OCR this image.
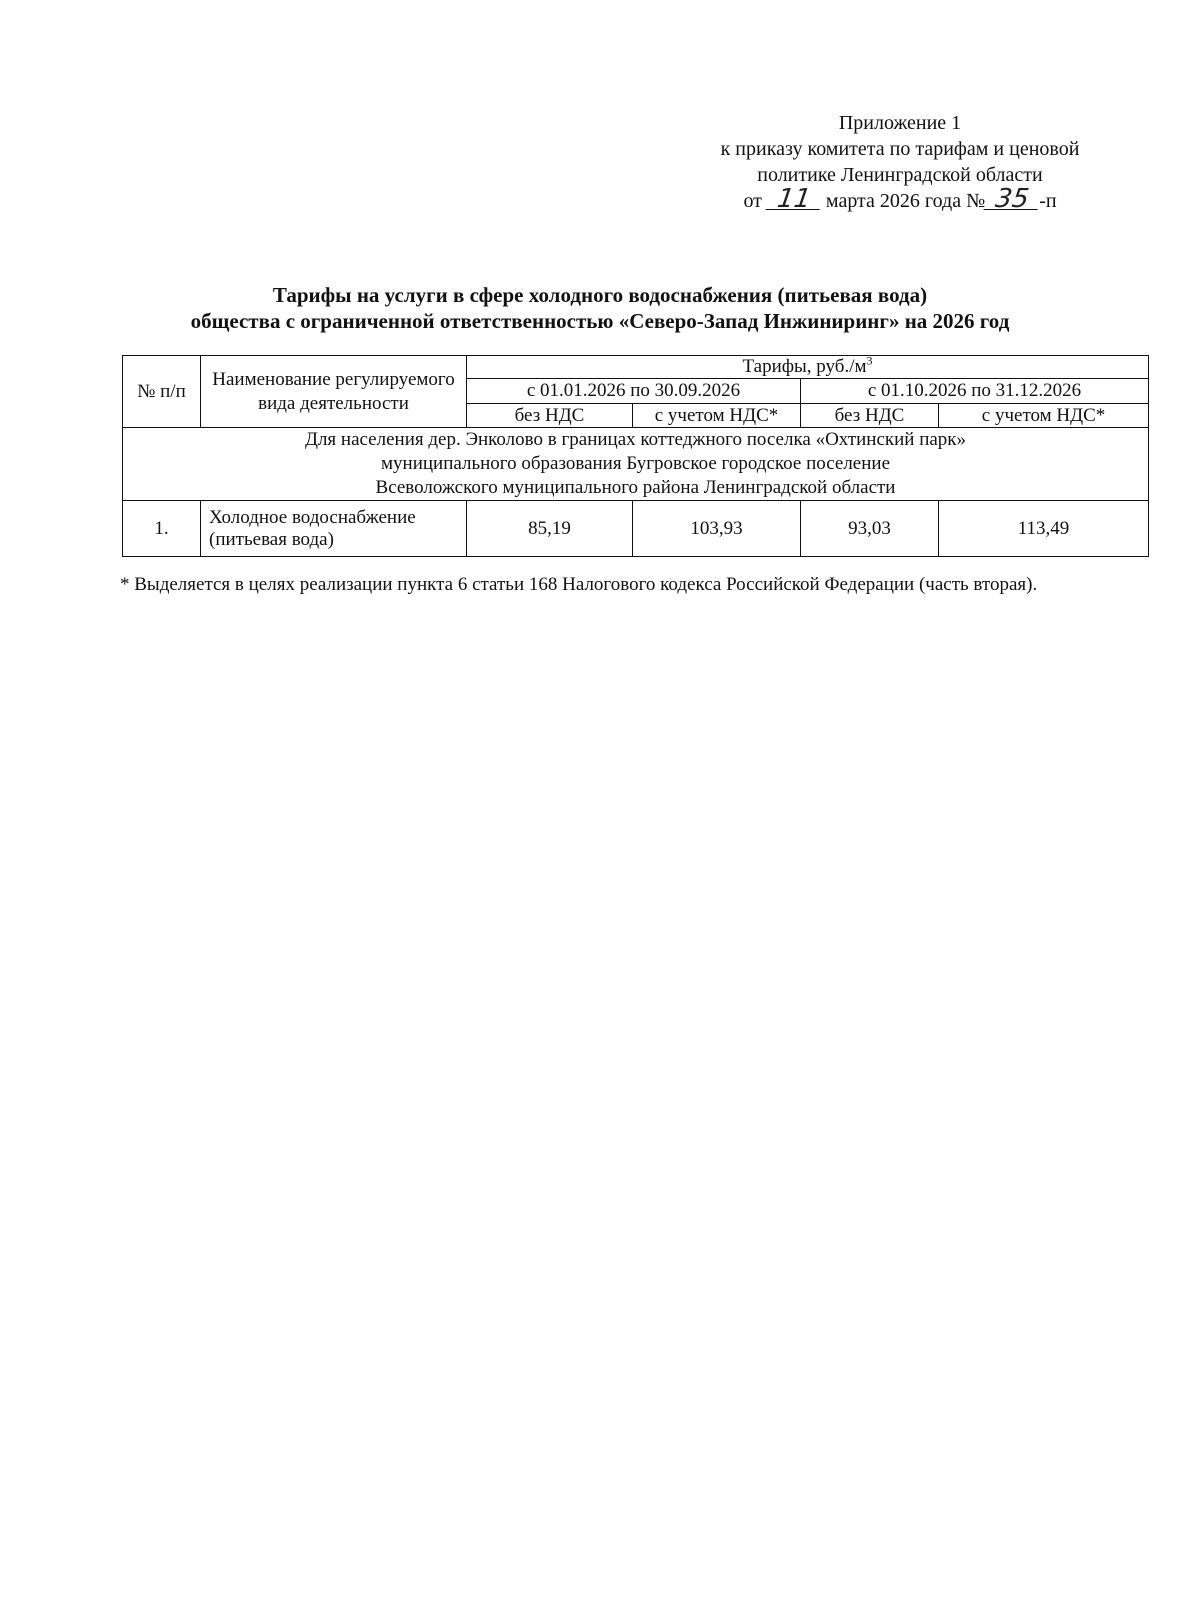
Приложение 1
к приказу комитета по тарифам и ценовой
политике Ленинградской области
от 11 марта 2026 года № 35 -п
Тарифы на услуги в сфере холодного водоснабжения (питьевая вода)
общества с ограниченной ответственностью «Северо-Запад Инжиниринг» на 2026 год
№ п/п	Наименование регулируемого вида деятельности	Тарифы, $руб./м^3$
		с 01.01.2026 по 30.09.2026		с 01.10.2026 по 31.12.2026	
		без НДС	с учетом НДС*	без НДС	с учетом НДС*

Для населения дер. Энколово в границах коттеджного поселка «Охтинский парк»
муниципального образования Бугровское городское поселение
Всеволожского муниципального района Ленинградской области					

1.	Холодное водоснабжение (питьевая вода)	85,19	103,93	93,03	113,49
* Выделяется в целях реализации пункта 6 статьи 168 Налогового кодекса Российской Федерации (часть вторая).
